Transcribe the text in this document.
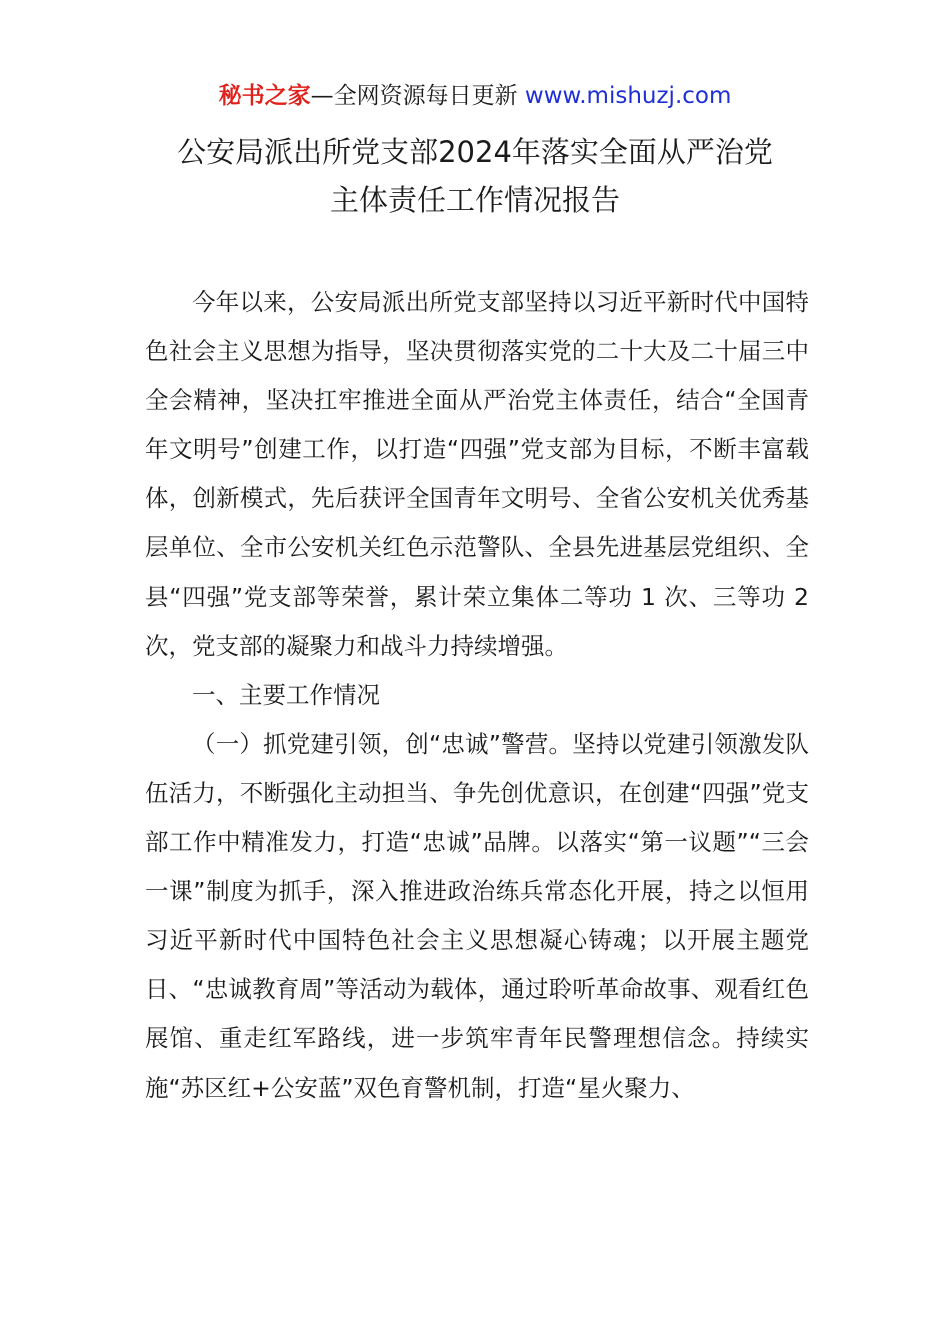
秘书之家—全网资源每日更新 www.mishuzj.com
公安局派出所党支部2024年落实全面从严治党
主体责任工作情况报告

今年以来，公安局派出所党支部坚持以习近平新时代中国特色社会主义思想为指导，坚决贯彻落实党的二十大及二十届三中全会精神，坚决扛牢推进全面从严治党主体责任，结合“全国青年文明号”创建工作，以打造“四强”党支部为目标，不断丰富载体，创新模式，先后获评全国青年文明号、全省公安机关优秀基层单位、全市公安机关红色示范警队、全县先进基层党组织、全县“四强”党支部等荣誉，累计荣立集体二等功 1 次、三等功 2 次，党支部的凝聚力和战斗力持续增强。

一、主要工作情况

（一）抓党建引领，创“忠诚”警营。坚持以党建引领激发队伍活力，不断强化主动担当、争先创优意识，在创建“四强”党支部工作中精准发力，打造“忠诚”品牌。以落实“第一议题”“三会一课”制度为抓手，深入推进政治练兵常态化开展，持之以恒用习近平新时代中国特色社会主义思想凝心铸魂；以开展主题党日、“忠诚教育周”等活动为载体，通过聆听革命故事、观看红色展馆、重走红军路线，进一步筑牢青年民警理想信念。持续实施“苏区红+公安蓝”双色育警机制，打造“星火聚力、
